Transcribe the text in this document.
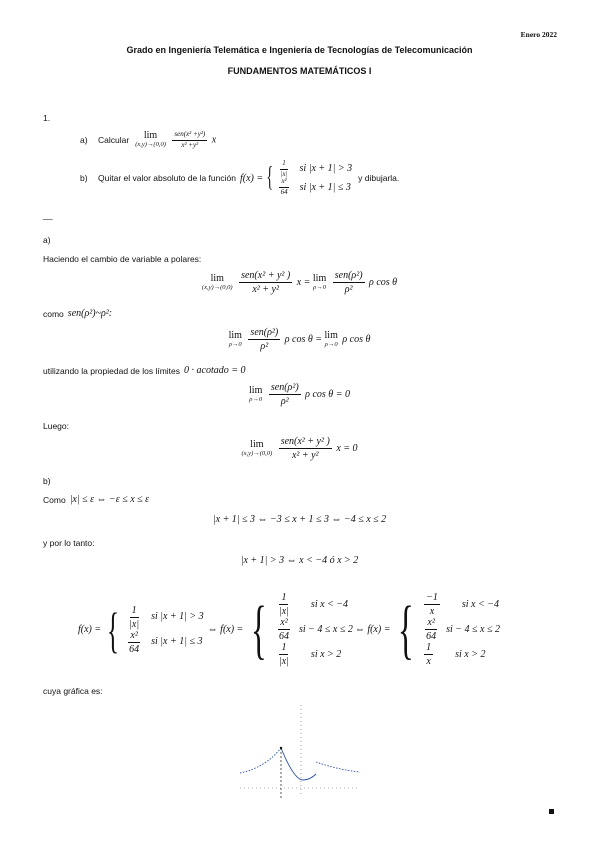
Enero 2022
Grado en Ingeniería Telemática e Ingeniería de Tecnologías de Telecomunicación
FUNDAMENTOS MATEMÁTICOS I
1.
a)	Calcular lim
(x,y)→(0,0)
$\frac{\text{sen(x² +y²)}}{\text{x² +y²}}$ x
b)	Quitar el valor absoluto de la función f(x) = { $\frac{1}{|x|}$ si |x + 1| > 3
$\frac{\text{x²}}{64}$ si |x + 1| ≤ 3
y dibujarla.
__
a)
Haciendo el cambio de variable a polares:
lim
(x,y)→(0,0)
$\frac{\text{sen(x² + y² )}}{\text{x² + y²}}$ x = lim
ρ→0
$\frac{\text{sen(ρ²)}}{\text{ρ²}}$ ρ cos θ
como sen(ρ²)~ρ²:
lim
ρ→0
$\frac{\text{sen(ρ²)}}{\text{ρ²}}$ ρ cos θ = lim
ρ→0 ρ cos θ
utilizando la propiedad de los límites 0 · acotado = 0
lim
ρ→0
$\frac{\text{sen(ρ²)}}{\text{ρ²}}$ ρ cos θ = 0
Luego:
lim
(x,y)→(0,0)
$\frac{\text{sen(x² + y² )}}{\text{x² + y²}}$ x = 0
b)
Como |x| ≤ ε ⇔ −ε ≤ x ≤ ε
|x + 1| ≤ 3 ⇔ −3 ≤ x + 1 ≤ 3 ⇔ −4 ≤ x ≤ 2
y por lo tanto:
|x + 1| > 3 ⇔ x < −4 ó x > 2
f(x) = { $\frac{1}{|x|}$ si |x + 1| > 3
$\frac{\text{x²}}{64}$ si |x + 1| ≤ 3
⇔ f(x) = { $\frac{1}{|x|}$ si x < −4
$\frac{\text{x²}}{64}$ si − 4 ≤ x ≤ 2
$\frac{1}{|x|}$ si x > 2
⇔ f(x) = { $\frac{-1}{x}$ si x < −4
$\frac{\text{x²}}{64}$ si − 4 ≤ x ≤ 2
$\frac{1}{x}$ si x > 2
cuya gráfica es:
